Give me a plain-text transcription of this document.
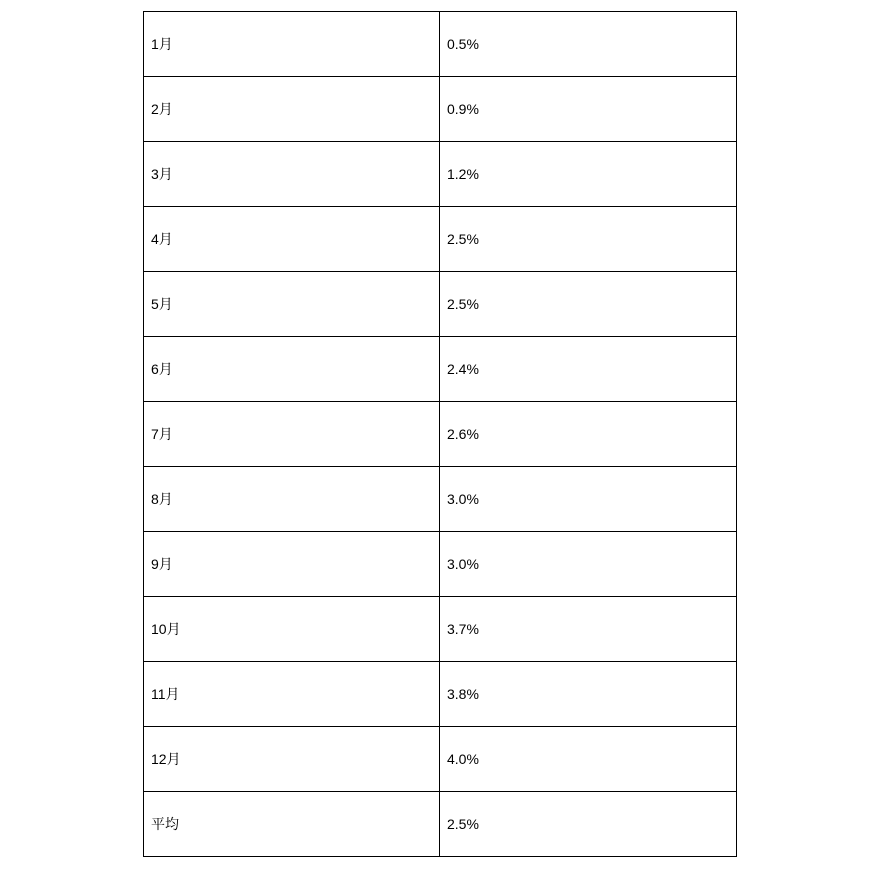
1月	0.5%
2月	0.9%
3月	1.2%
4月	2.5%
5月	2.5%
6月	2.4%
7月	2.6%
8月	3.0%
9月	3.0%
10月	3.7%
11月	3.8%
12月	4.0%
平均	2.5%
